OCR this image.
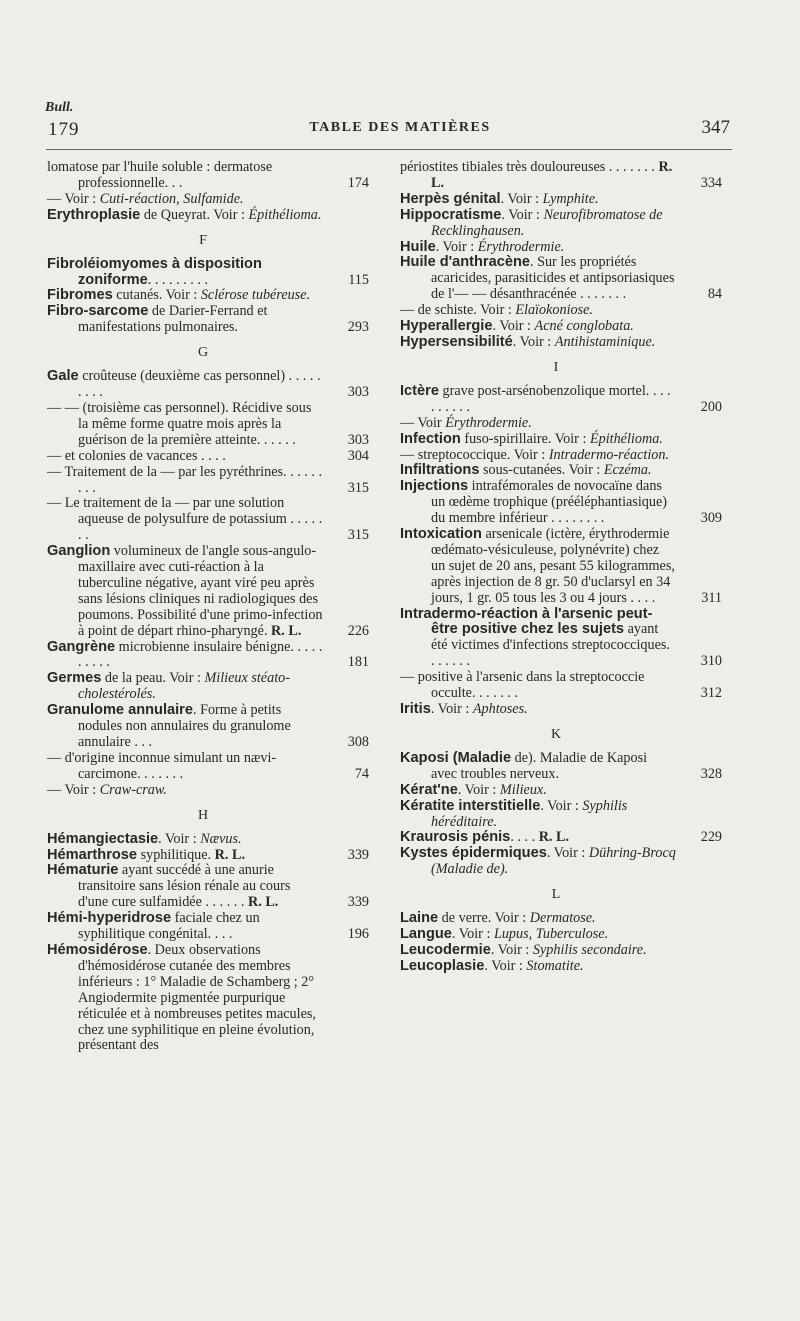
Bull.
179	TABLE DES MATIÈRES	347
lomatose par l'huile soluble : dermatose professionnelle. . .	174
— Voir : Cuti-réaction, Sulfamide.
Erythroplasie de Queyrat. Voir : Épithélioma.
F
Fibroléiomyomes à disposition zoniforme. . . . . . . . .	115
Fibromes cutanés. Voir : Sclérose tubéreuse.
Fibro-sarcome de Darier-Ferrand et manifestations pulmonaires.	293
G
Gale croûteuse (deuxième cas personnel) . . . . . . . . .	303
— — (troisième cas personnel). Récidive sous la même forme quatre mois après la guérison de la première atteinte. . . . . .	303
— et colonies de vacances . . . .	304
— Traitement de la — par les pyréthrines. . . . . . . . .	315
— Le traitement de la — par une solution aqueuse de polysulfure de potassium . . . . . . .	315
Ganglion volumineux de l'angle sous-angulo-maxillaire avec cuti-réaction à la tuberculine négative, ayant viré peu après sans lésions cliniques ni radiologiques des poumons. Possibilité d'une primo-infection à point de départ rhino-pharyngé. R. L.	226
Gangrène microbienne insulaire bénigne. . . . . . . . . .	181
Germes de la peau. Voir : Milieux stéato-cholestérolés.
Granulome annulaire. Forme à petits nodules non annulaires du granulome annulaire . . .	308
— d'origine inconnue simulant un nævi-carcimone. . . . . . .	74
— Voir : Craw-craw.
H
Hémangiectasie. Voir : Nævus.
Hémarthrose syphilitique. R. L.	339
Hématurie ayant succédé à une anurie transitoire sans lésion rénale au cours d'une cure sulfamidée . . . . . . R. L.	339
Hémi-hyperidrose faciale chez un syphilitique congénital. . . .	196
Hémosidérose. Deux observations d'hémosidérose cutanée des membres inférieurs : 1° Maladie de Schamberg ; 2° Angiodermite pigmentée purpurique réticulée et à nombreuses petites macules, chez une syphilitique en pleine évolution, présentant des
périostites tibiales très douloureuses . . . . . . . R. L.	334
Herpès génital. Voir : Lymphite.
Hippocratisme. Voir : Neurofibromatose de Recklinghausen.
Huile. Voir : Érythrodermie.
Huile d'anthracène. Sur les propriétés acaricides, parasiticides et antipsoriasiques de l'— — désanthracénée . . . . . . .	84
— de schiste. Voir : Elaïokoniose.
Hyperallergie. Voir : Acné conglobata.
Hypersensibilité. Voir : Antihistaminique.
I
Ictère grave post-arsénobenzolique mortel. . . . . . . . . .	200
— Voir Érythrodermie.
Infection fuso-spirillaire. Voir : Épithélioma.
— streptococcique. Voir : Intradermo-réaction.
Infiltrations sous-cutanées. Voir : Eczéma.
Injections intrafémorales de novocaïne dans un œdème trophique (prééléphantiasique) du membre inférieur . . . . . . . .	309
Intoxication arsenicale (ictère, érythrodermie œdémato-vésiculeuse, polynévrite) chez un sujet de 20 ans, pesant 55 kilogrammes, après injection de 8 gr. 50 d'uclarsyl en 34 jours, 1 gr. 05 tous les 3 ou 4 jours . . . .	311
Intradermo-réaction à l'arsenic peut-être positive chez les sujets ayant été victimes d'infections streptococciques. . . . . . .	310
— positive à l'arsenic dans la streptococcie occulte. . . . . . .	312
Iritis. Voir : Aphtoses.
K
Kaposi (Maladie de). Maladie de Kaposi avec troubles nerveux.	328
Kérat'ne. Voir : Milieux.
Kératite interstitielle. Voir : Syphilis héréditaire.
Kraurosis pénis. . . . R. L.	229
Kystes épidermiques. Voir : Dühring-Brocq (Maladie de).
L
Laine de verre. Voir : Dermatose.
Langue. Voir : Lupus, Tuberculose.
Leucodermie. Voir : Syphilis secondaire.
Leucoplasie. Voir : Stomatite.
